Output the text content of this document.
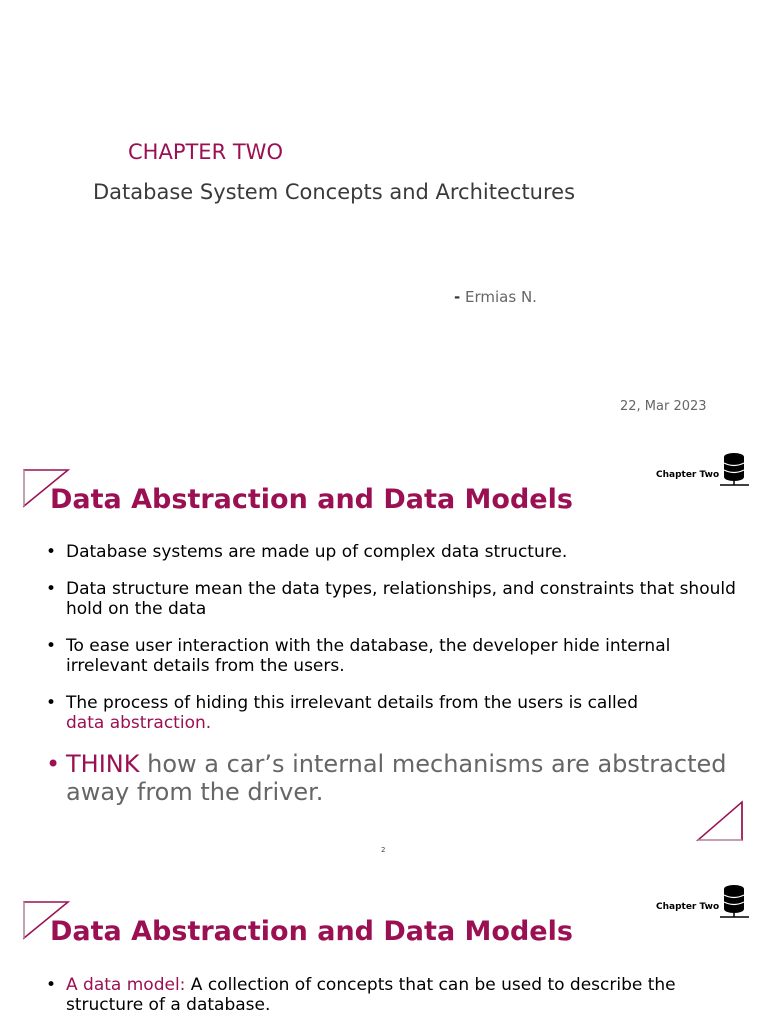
CHAPTER TWO
Database System Concepts and Architectures
- Ermias N.
22, Mar 2023
Chapter Two
Data Abstraction and Data Models
• Database systems are made up of complex data structure.
• Data structure mean the data types, relationships, and constraints that should hold on the data
• To ease user interaction with the database, the developer hide internal irrelevant details from the users.
• The process of hiding this irrelevant details from the users is called
data abstraction.
• THINK how a car’s internal mechanisms are abstracted away from the driver.
2
Chapter Two
Data Abstraction and Data Models
• A data model: A collection of concepts that can be used to describe the structure of a database.
